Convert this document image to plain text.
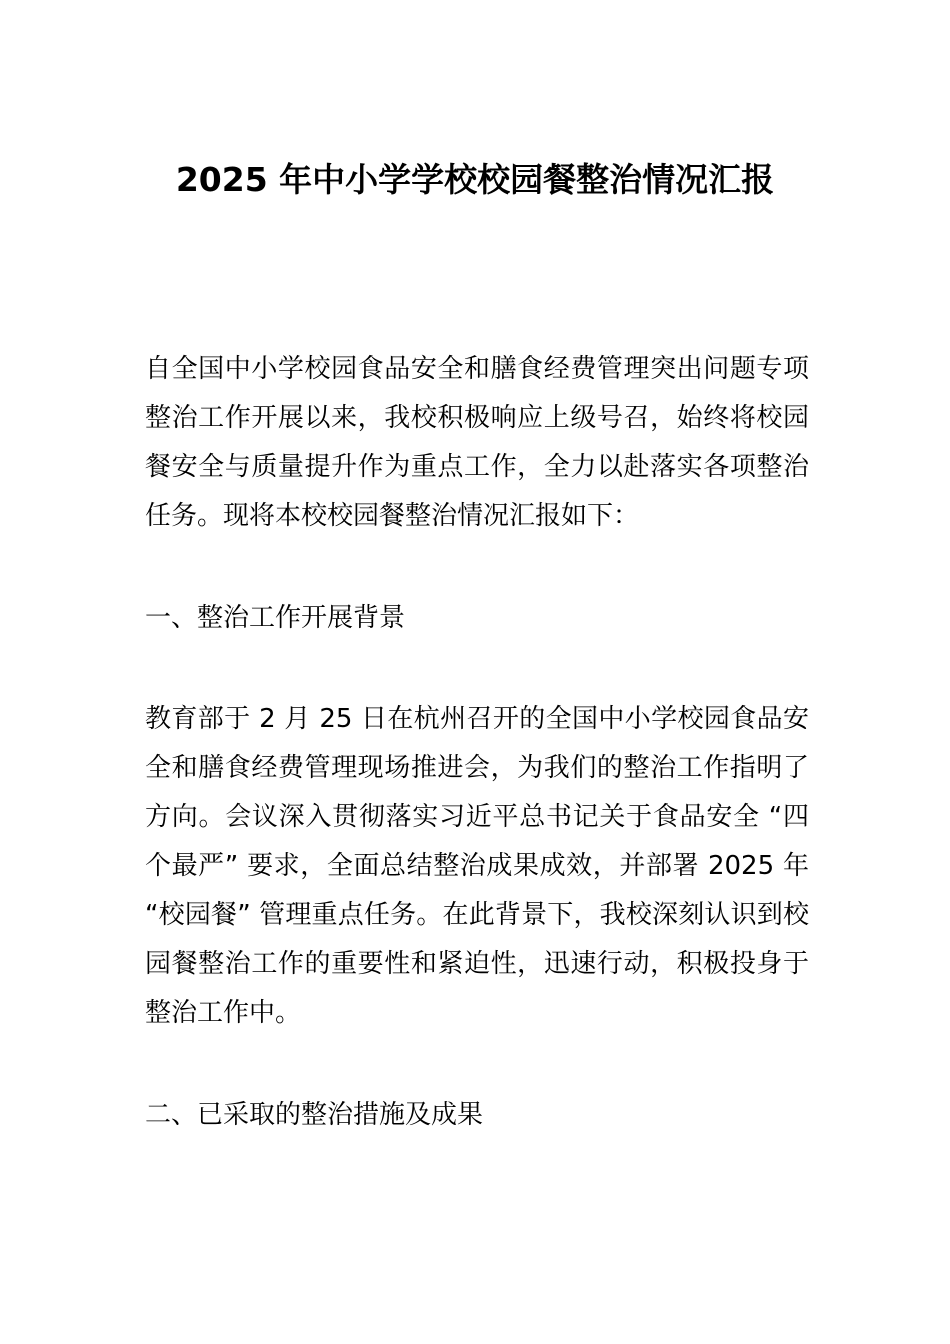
2025 年中小学学校校园餐整治情况汇报

自全国中小学校园食品安全和膳食经费管理突出问题专项整治工作开展以来，我校积极响应上级号召，始终将校园餐安全与质量提升作为重点工作，全力以赴落实各项整治任务。现将本校校园餐整治情况汇报如下：

一、整治工作开展背景

教育部于 2 月 25 日在杭州召开的全国中小学校园食品安全和膳食经费管理现场推进会，为我们的整治工作指明了方向。会议深入贯彻落实习近平总书记关于食品安全 “四个最严” 要求，全面总结整治成果成效，并部署 2025 年 “校园餐” 管理重点任务。在此背景下，我校深刻认识到校园餐整治工作的重要性和紧迫性，迅速行动，积极投身于整治工作中。

二、已采取的整治措施及成果
